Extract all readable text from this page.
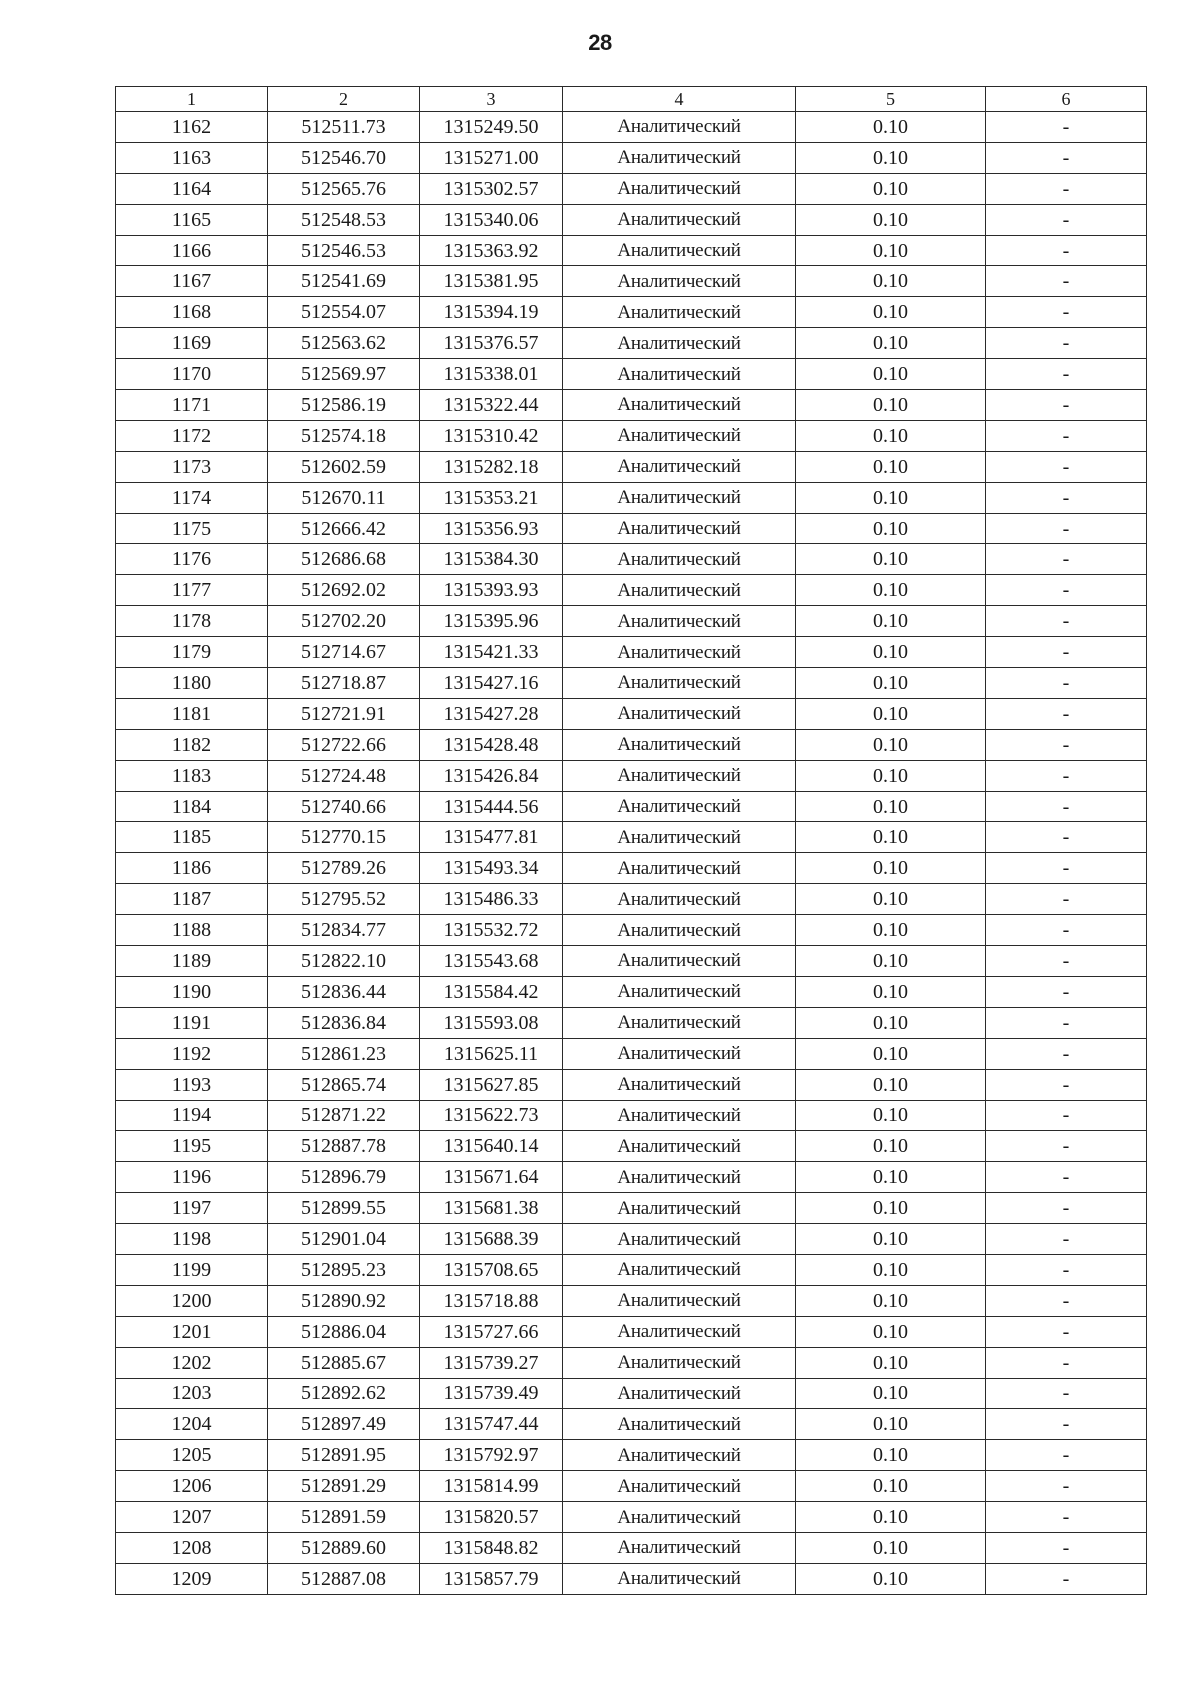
28
1	2	3	4	5	6
1162	512511.73	1315249.50	Аналитический	0.10	-
1163	512546.70	1315271.00	Аналитический	0.10	-
1164	512565.76	1315302.57	Аналитический	0.10	-
1165	512548.53	1315340.06	Аналитический	0.10	-
1166	512546.53	1315363.92	Аналитический	0.10	-
1167	512541.69	1315381.95	Аналитический	0.10	-
1168	512554.07	1315394.19	Аналитический	0.10	-
1169	512563.62	1315376.57	Аналитический	0.10	-
1170	512569.97	1315338.01	Аналитический	0.10	-
1171	512586.19	1315322.44	Аналитический	0.10	-
1172	512574.18	1315310.42	Аналитический	0.10	-
1173	512602.59	1315282.18	Аналитический	0.10	-
1174	512670.11	1315353.21	Аналитический	0.10	-
1175	512666.42	1315356.93	Аналитический	0.10	-
1176	512686.68	1315384.30	Аналитический	0.10	-
1177	512692.02	1315393.93	Аналитический	0.10	-
1178	512702.20	1315395.96	Аналитический	0.10	-
1179	512714.67	1315421.33	Аналитический	0.10	-
1180	512718.87	1315427.16	Аналитический	0.10	-
1181	512721.91	1315427.28	Аналитический	0.10	-
1182	512722.66	1315428.48	Аналитический	0.10	-
1183	512724.48	1315426.84	Аналитический	0.10	-
1184	512740.66	1315444.56	Аналитический	0.10	-
1185	512770.15	1315477.81	Аналитический	0.10	-
1186	512789.26	1315493.34	Аналитический	0.10	-
1187	512795.52	1315486.33	Аналитический	0.10	-
1188	512834.77	1315532.72	Аналитический	0.10	-
1189	512822.10	1315543.68	Аналитический	0.10	-
1190	512836.44	1315584.42	Аналитический	0.10	-
1191	512836.84	1315593.08	Аналитический	0.10	-
1192	512861.23	1315625.11	Аналитический	0.10	-
1193	512865.74	1315627.85	Аналитический	0.10	-
1194	512871.22	1315622.73	Аналитический	0.10	-
1195	512887.78	1315640.14	Аналитический	0.10	-
1196	512896.79	1315671.64	Аналитический	0.10	-
1197	512899.55	1315681.38	Аналитический	0.10	-
1198	512901.04	1315688.39	Аналитический	0.10	-
1199	512895.23	1315708.65	Аналитический	0.10	-
1200	512890.92	1315718.88	Аналитический	0.10	-
1201	512886.04	1315727.66	Аналитический	0.10	-
1202	512885.67	1315739.27	Аналитический	0.10	-
1203	512892.62	1315739.49	Аналитический	0.10	-
1204	512897.49	1315747.44	Аналитический	0.10	-
1205	512891.95	1315792.97	Аналитический	0.10	-
1206	512891.29	1315814.99	Аналитический	0.10	-
1207	512891.59	1315820.57	Аналитический	0.10	-
1208	512889.60	1315848.82	Аналитический	0.10	-
1209	512887.08	1315857.79	Аналитический	0.10	-
